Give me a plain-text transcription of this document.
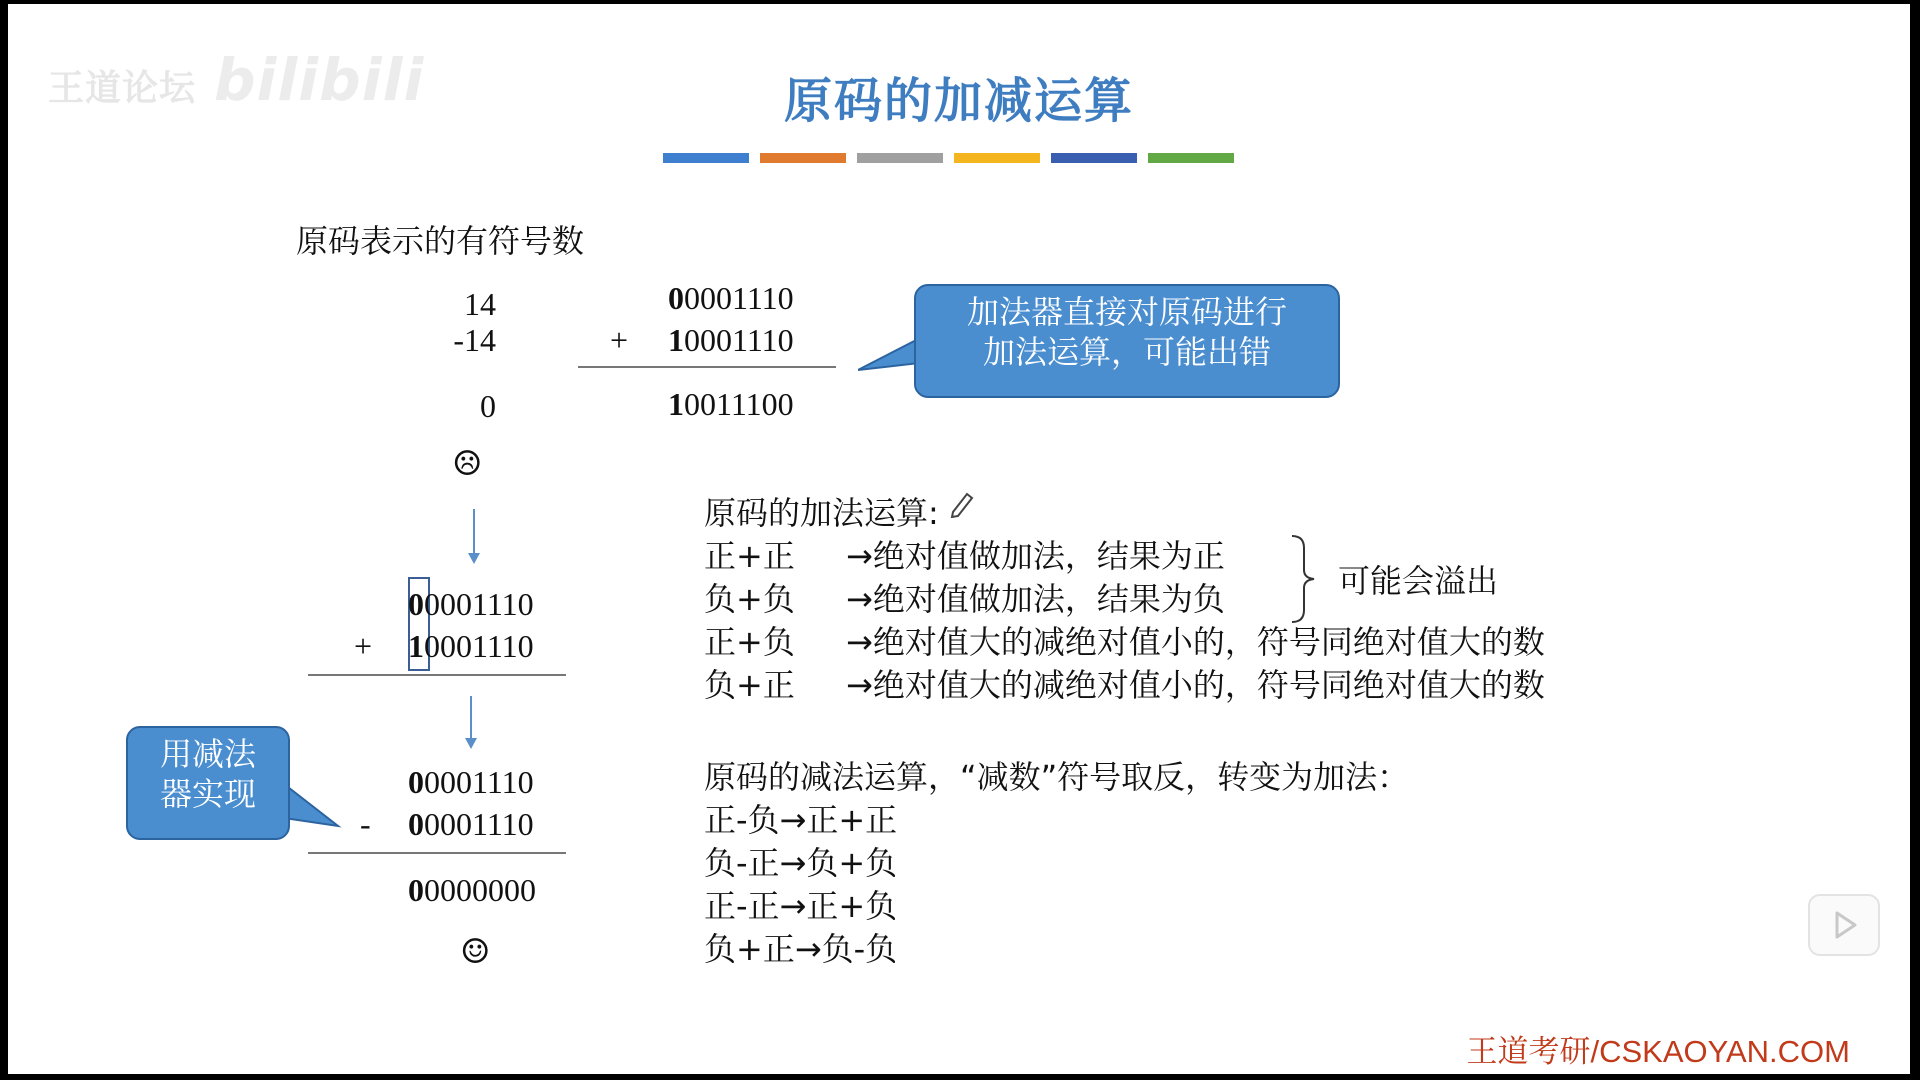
王道论坛 bilibili	原码的加减运算
原码表示的有符号数
14
-14
0
☹
00001110
+ 10001110
10011100
加法器直接对原码进行
加法运算，可能出错
00001110
+ 10001110
用减法
器实现	00001110
- 00001110
00000000
☺
原码的加法运算:
正+正 →绝对值做加法，结果为正
负+负 →绝对值做加法，结果为负
正+负 →绝对值大的减绝对值小的，符号同绝对值大的数
负+正 →绝对值大的减绝对值小的，符号同绝对值大的数
可能会溢出
原码的减法运算，“减数”符号取反，转变为加法：
正-负→正+正
负-正→负+负
正-正→正+负
负+正→负-负
王道考研/CSKAOYAN.COM
